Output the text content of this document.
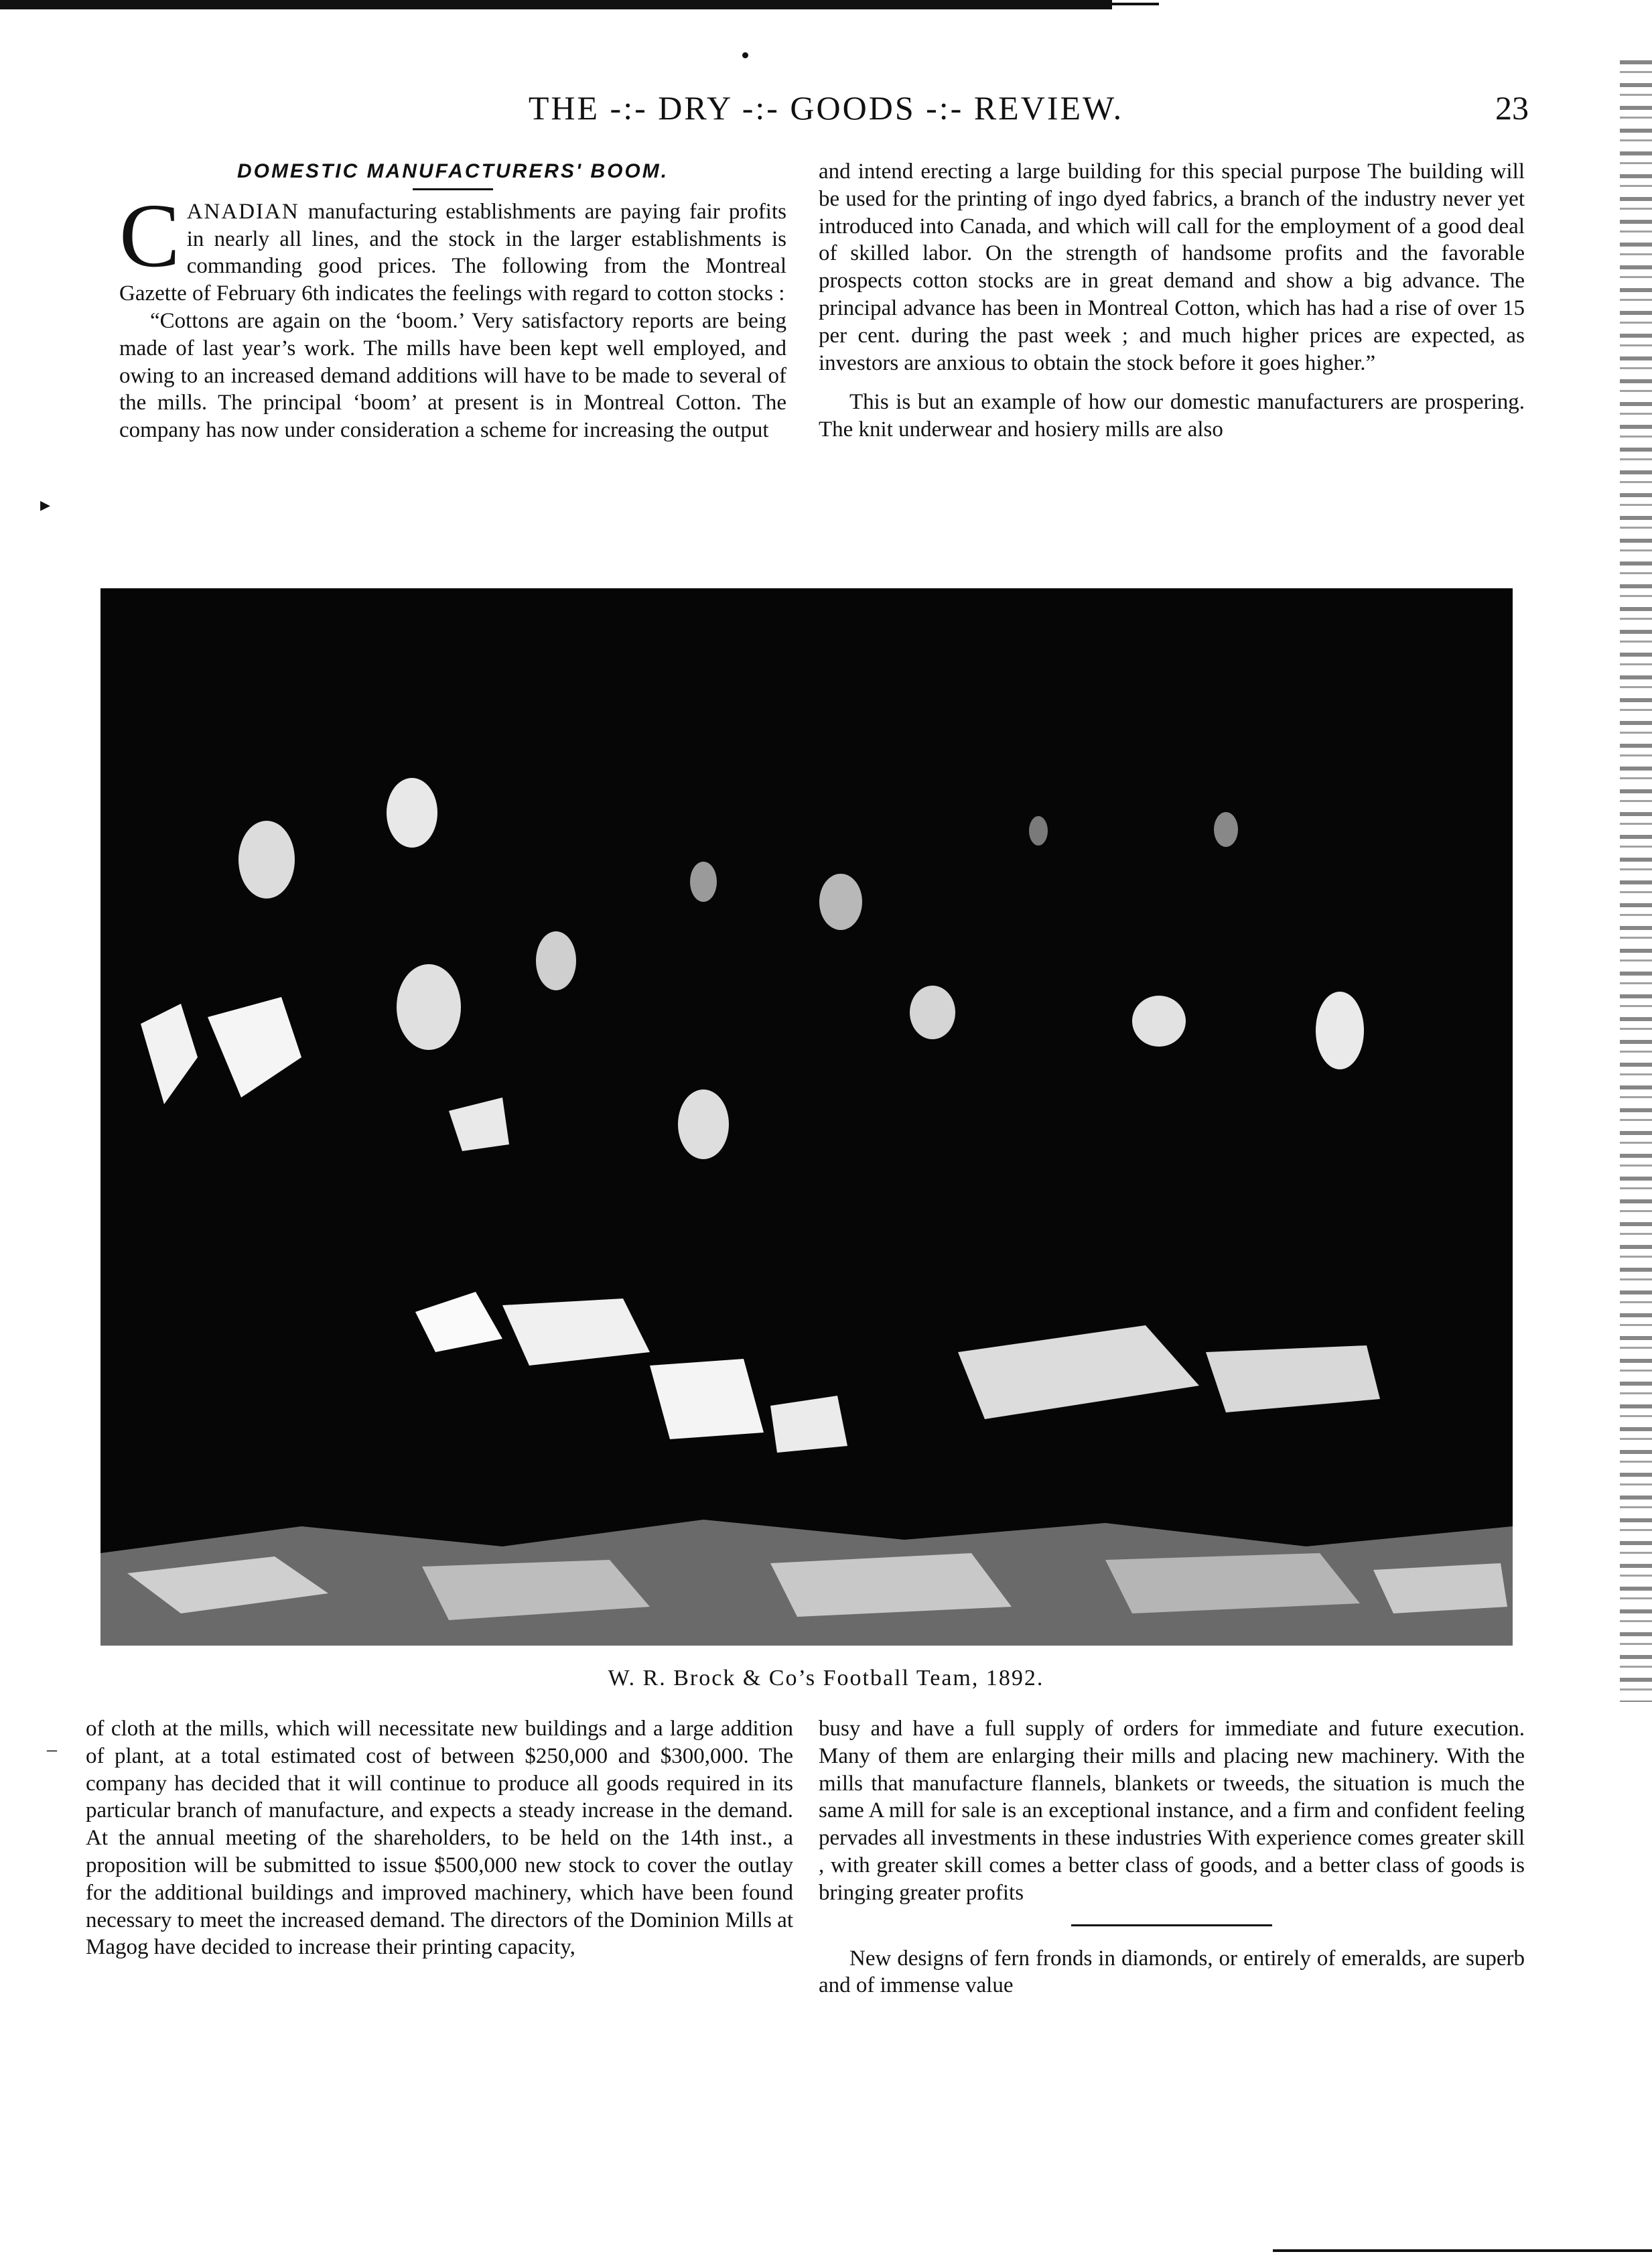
THE -:- DRY -:- GOODS -:- REVIEW.	23
DOMESTIC MANUFACTURERS' BOOM.

CANADIAN manufacturing establishments are paying fair profits in nearly all lines, and the stock in the larger establishments is commanding good prices. The following from the Montreal Gazette of February 6th indicates the feelings with regard to cotton stocks :

“Cottons are again on the ‘boom.’ Very satisfactory reports are being made of last year’s work. The mills have been kept well employed, and owing to an increased demand additions will have to be made to several of the mills. The principal ‘boom’ at present is in Montreal Cotton. The company has now under consideration a scheme for increasing the output

and intend erecting a large building for this special purpose The building will be used for the printing of ingo dyed fabrics, a branch of the industry never yet introduced into Canada, and which will call for the employment of a good deal of skilled labor. On the strength of handsome profits and the favorable prospects cotton stocks are in great demand and show a big advance. The principal advance has been in Montreal Cotton, which has had a rise of over 15 per cent. during the past week ; and much higher prices are expected, as investors are anxious to obtain the stock before it goes higher.”

This is but an example of how our domestic manufacturers are prospering. The knit underwear and hosiery mills are also

▸
W. R. Brock & Co’s Football Team, 1892.

of cloth at the mills, which will necessitate new buildings and a large addition of plant, at a total estimated cost of between $250,000 and $300,000. The company has decided that it will continue to produce all goods required in its particular branch of manufacture, and expects a steady increase in the demand. At the annual meeting of the shareholders, to be held on the 14th inst., a proposition will be submitted to issue $500,000 new stock to cover the outlay for the additional buildings and improved machinery, which have been found necessary to meet the increased demand. The directors of the Dominion Mills at Magog have decided to increase their printing capacity,

–

busy and have a full supply of orders for immediate and future execution. Many of them are enlarging their mills and placing new machinery. With the mills that manufacture flannels, blankets or tweeds, the situation is much the same A mill for sale is an exceptional instance, and a firm and confident feeling pervades all investments in these industries With experience comes greater skill , with greater skill comes a better class of goods, and a better class of goods is bringing greater profits

New designs of fern fronds in diamonds, or entirely of emeralds, are superb and of immense value
